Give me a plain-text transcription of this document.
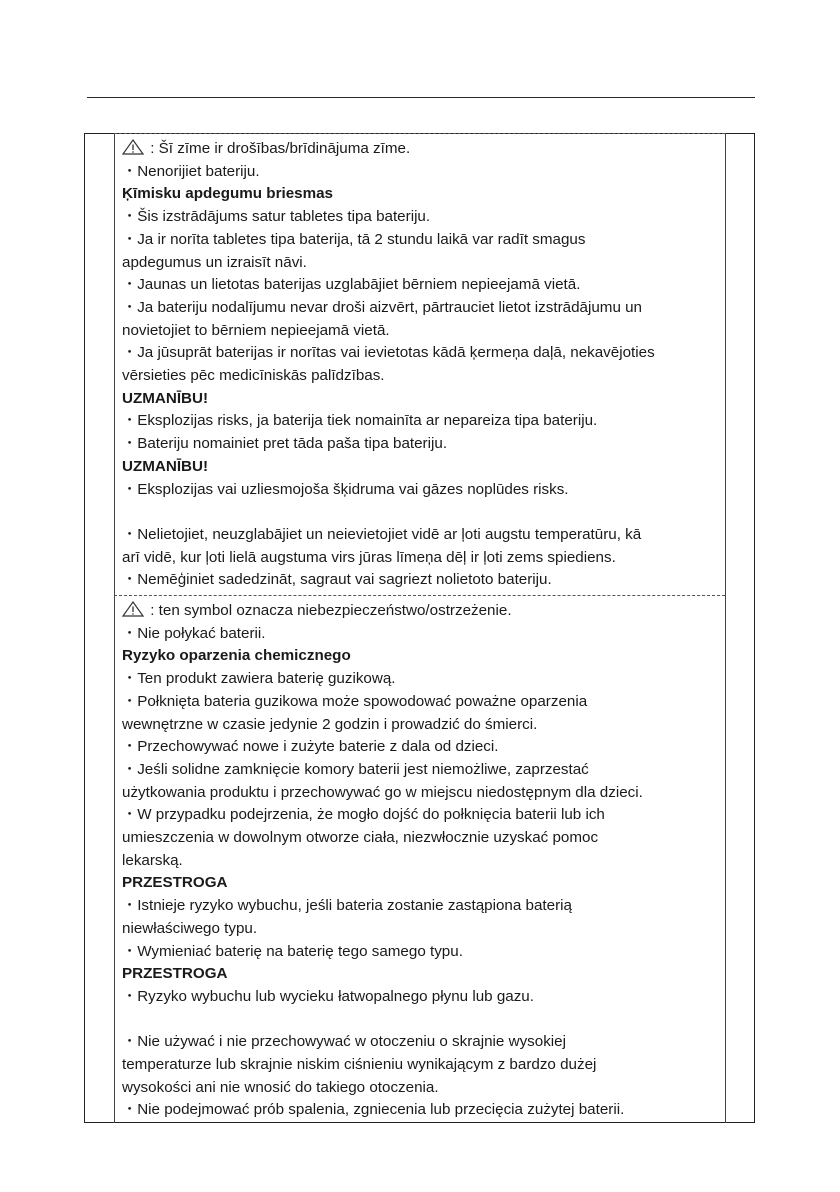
: Šī zīme ir drošības/brīdinājuma zīme.
・Nenorijiet bateriju.
Ķīmisku apdegumu briesmas
・Šis izstrādājums satur tabletes tipa bateriju.
・Ja ir norīta tabletes tipa baterija, tā 2 stundu laikā var radīt smagus
apdegumus un izraisīt nāvi.
・Jaunas un lietotas baterijas uzglabājiet bērniem nepieejamā vietā.
・Ja bateriju nodalījumu nevar droši aizvērt, pārtrauciet lietot izstrādājumu un
novietojiet to bērniem nepieejamā vietā.
・Ja jūsuprāt baterijas ir norītas vai ievietotas kādā ķermeņa daļā, nekavējoties
vērsieties pēc medicīniskās palīdzības.
UZMANĪBU!
・Eksplozijas risks, ja baterija tiek nomainīta ar nepareiza tipa bateriju.
・Bateriju nomainiet pret tāda paša tipa bateriju.
UZMANĪBU!
・Eksplozijas vai uzliesmojoša šķidruma vai gāzes noplūdes risks.
・Nelietojiet, neuzglabājiet un neievietojiet vidē ar ļoti augstu temperatūru, kā
arī vidē, kur ļoti lielā augstuma virs jūras līmeņa dēļ ir ļoti zems spiediens.
・Nemēģiniet sadedzināt, sagraut vai sagriezt nolietoto bateriju.
: ten symbol oznacza niebezpieczeństwo/ostrzeżenie.
・Nie połykać baterii.
Ryzyko oparzenia chemicznego
・Ten produkt zawiera baterię guzikową.
・Połknięta bateria guzikowa może spowodować poważne oparzenia
wewnętrzne w czasie jedynie 2 godzin i prowadzić do śmierci.
・Przechowywać nowe i zużyte baterie z dala od dzieci.
・Jeśli solidne zamknięcie komory baterii jest niemożliwe, zaprzestać
użytkowania produktu i przechowywać go w miejscu niedostępnym dla dzieci.
・W przypadku podejrzenia, że mogło dojść do połknięcia baterii lub ich
umieszczenia w dowolnym otworze ciała, niezwłocznie uzyskać pomoc
lekarską.
PRZESTROGA
・Istnieje ryzyko wybuchu, jeśli bateria zostanie zastąpiona baterią
niewłaściwego typu.
・Wymieniać baterię na baterię tego samego typu.
PRZESTROGA
・Ryzyko wybuchu lub wycieku łatwopalnego płynu lub gazu.
・Nie używać i nie przechowywać w otoczeniu o skrajnie wysokiej
temperaturze lub skrajnie niskim ciśnieniu wynikającym z bardzo dużej
wysokości ani nie wnosić do takiego otoczenia.
・Nie podejmować prób spalenia, zgniecenia lub przecięcia zużytej baterii.
